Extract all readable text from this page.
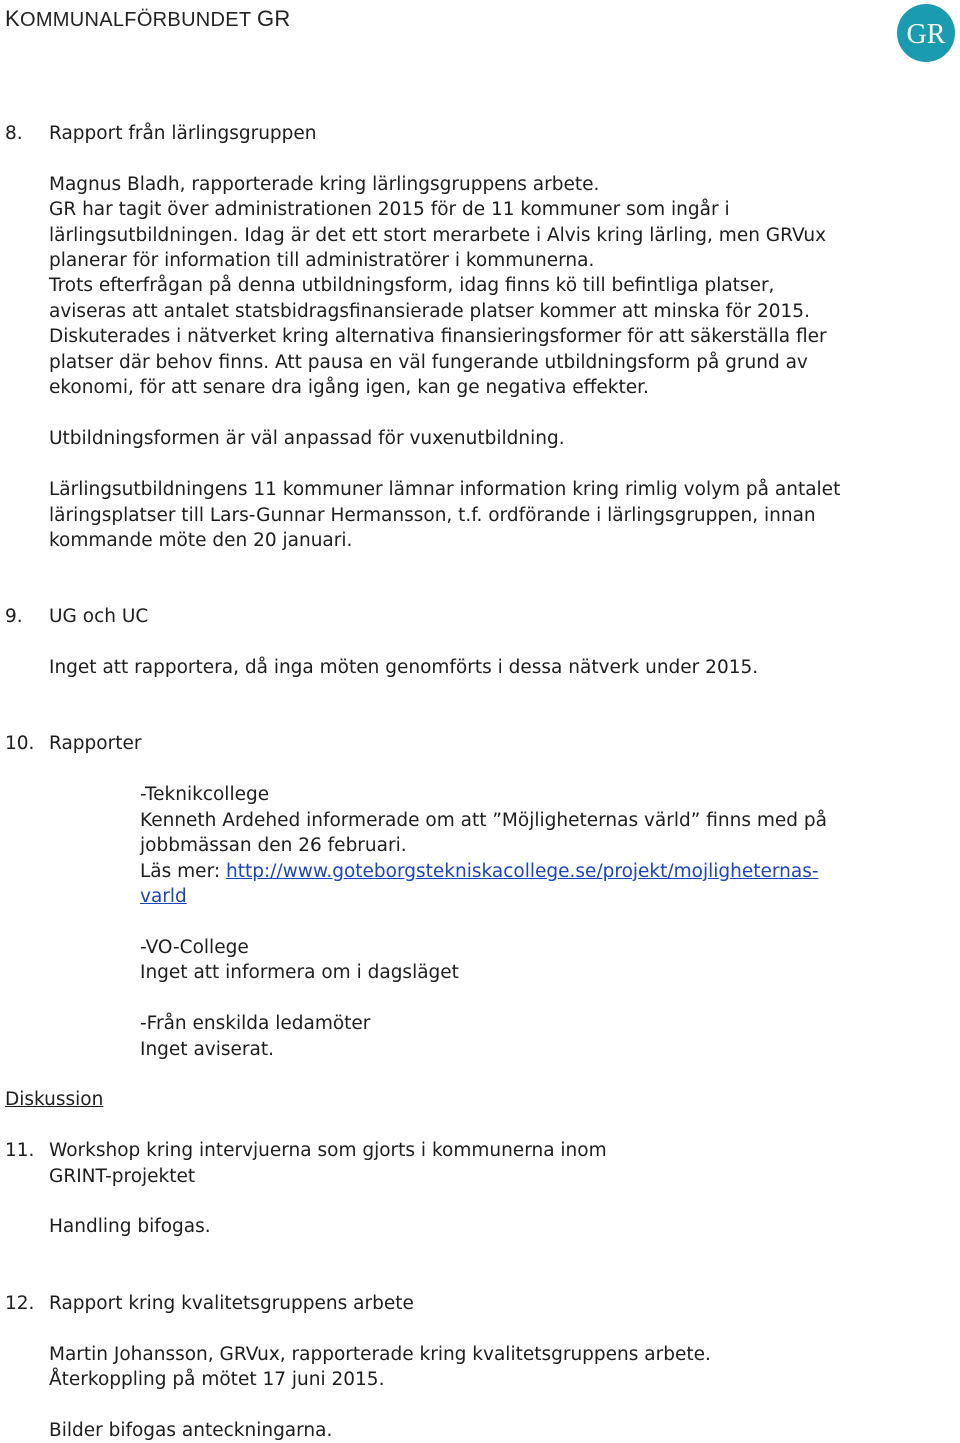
KOMMUNALFÖRBUNDET GR
GR
8. Rapport från lärlingsgruppen
Magnus Bladh, rapporterade kring lärlingsgruppens arbete.
GR har tagit över administrationen 2015 för de 11 kommuner som ingår i
lärlingsutbildningen. Idag är det ett stort merarbete i Alvis kring lärling, men GRVux
planerar för information till administratörer i kommunerna.
Trots efterfrågan på denna utbildningsform, idag finns kö till befintliga platser,
aviseras att antalet statsbidragsfinansierade platser kommer att minska för 2015.
Diskuterades i nätverket kring alternativa finansieringsformer för att säkerställa fler
platser där behov finns. Att pausa en väl fungerande utbildningsform på grund av
ekonomi, för att senare dra igång igen, kan ge negativa effekter.
Utbildningsformen är väl anpassad för vuxenutbildning.
Lärlingsutbildningens 11 kommuner lämnar information kring rimlig volym på antalet
läringsplatser till Lars-Gunnar Hermansson, t.f. ordförande i lärlingsgruppen, innan
kommande möte den 20 januari.
9. UG och UC
Inget att rapportera, då inga möten genomförts i dessa nätverk under 2015.
10. Rapporter
-Teknikcollege
Kenneth Ardehed informerade om att ”Möjligheternas värld” finns med på
jobbmässan den 26 februari.
Läs mer: http://www.goteborgstekniskacollege.se/projekt/mojligheternas-
varld
-VO-College
Inget att informera om i dagsläget
-Från enskilda ledamöter
Inget aviserat.
Diskussion
11. Workshop kring intervjuerna som gjorts i kommunerna inom
GRINT-projektet
Handling bifogas.
12. Rapport kring kvalitetsgruppens arbete
Martin Johansson, GRVux, rapporterade kring kvalitetsgruppens arbete.
Återkoppling på mötet 17 juni 2015.
Bilder bifogas anteckningarna.
